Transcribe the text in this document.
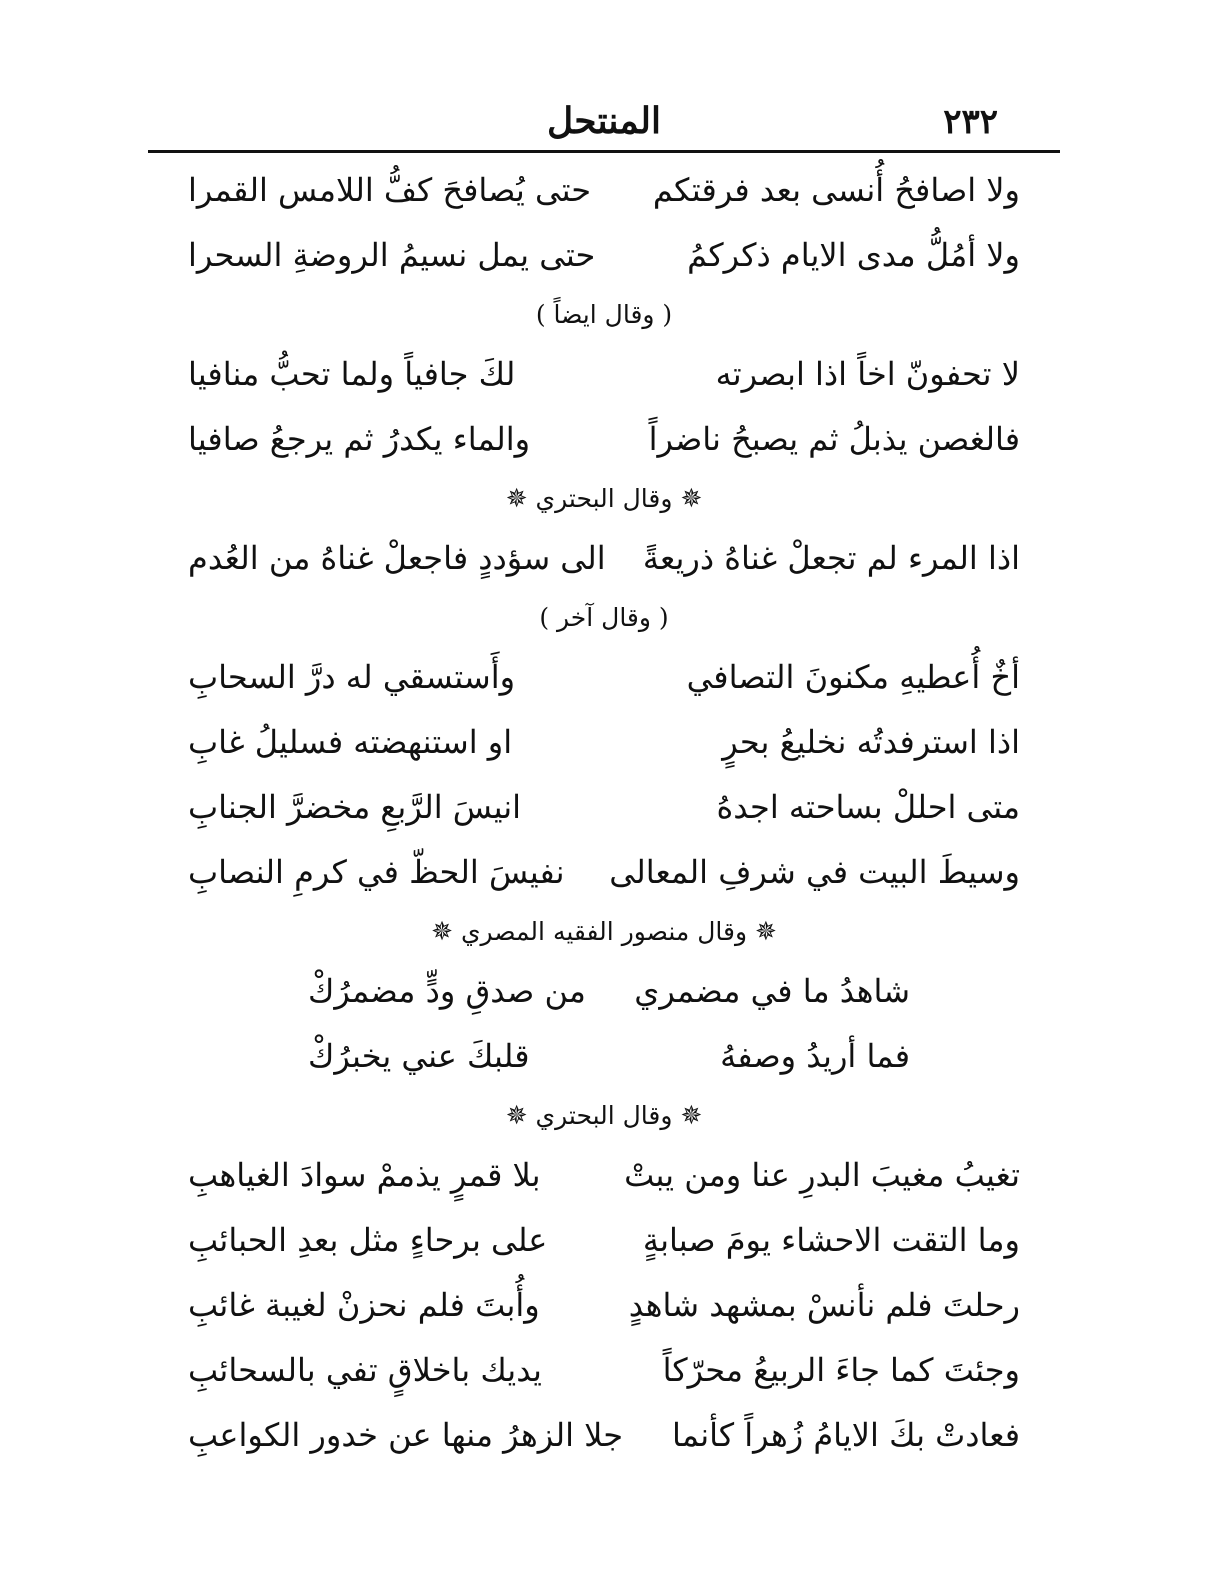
٢٣٢
المنتحل
ولا اصافحُ أُنسى بعد فرقتكم
حتى يُصافحَ كفُّ اللامس القمرا
ولا أمُلُّ مدى الايام ذكركمُ
حتى يمل نسيمُ الروضةِ السحرا
( وقال ايضاً )
لا تحفونّ اخاً اذا ابصرته
لكَ جافياً ولما تحبُّ منافيا
فالغصن يذبلُ ثم يصبحُ ناضراً
والماء يكدرُ ثم يرجعُ صافيا
✵وقال البحتري✵
اذا المرء لم تجعلْ غناهُ ذريعةً
الى سؤددٍ فاجعلْ غناهُ من العُدم
( وقال آخر )
أخٌ أُعطيهِ مكنونَ التصافي
وأَستسقي له درَّ السحابِ
اذا استرفدتُه نخليعُ بحرٍ
او استنهضته فسليلُ غابِ
متى احللْ بساحته اجدهُ
انيسَ الرَّبعِ مخضرَّ الجنابِ
وسيطَ البيت في شرفِ المعالى
نفيسَ الحظّ في كرمِ النصابِ
✵وقال منصور الفقيه المصري✵
شاهدُ ما في مضمري
من صدقِ ودٍّ مضمرُكْ
فما أريدُ وصفهُ
قلبكَ عني يخبرُكْ
✵وقال البحتري✵
تغيبُ مغيبَ البدرِ عنا ومن يبتْ
بلا قمرٍ يذممْ سوادَ الغياهبِ
وما التقت الاحشاء يومَ صبابةٍ
على برحاءٍ مثل بعدِ الحبائبِ
رحلتَ فلم نأنسْ بمشهد شاهدٍ
وأُبتَ فلم نحزنْ لغيبة غائبِ
وجئتَ كما جاءَ الربيعُ محرّكاً
يديك باخلاقٍ تفي بالسحائبِ
فعادتْ بكَ الايامُ زُهراً كأنما
جلا الزهرُ منها عن خدور الكواعبِ
